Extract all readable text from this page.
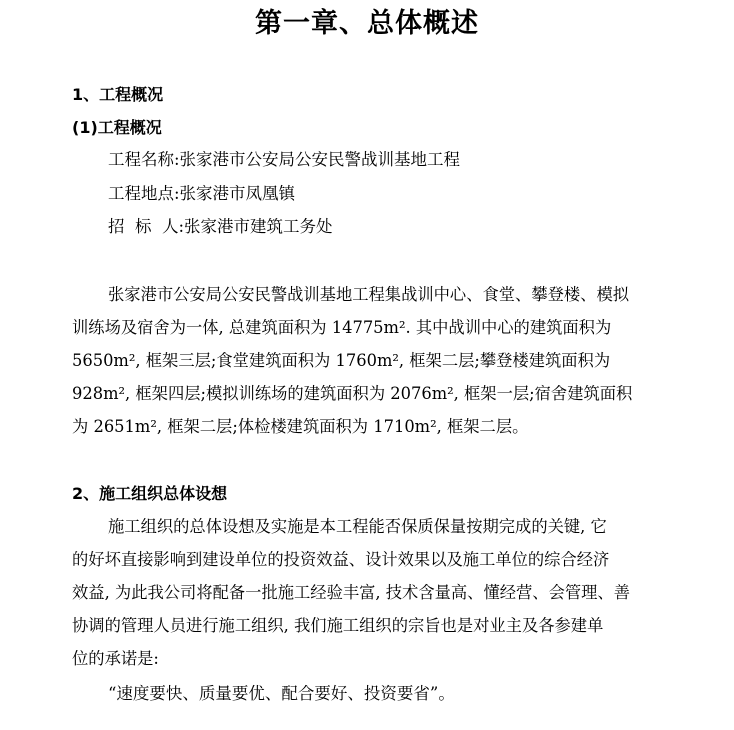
第一章、总体概述
1、工程概况
(1)工程概况
工程名称:张家港市公安局公安民警战训基地工程
工程地点:张家港市凤凰镇
招  标  人:张家港市建筑工务处
张家港市公安局公安民警战训基地工程集战训中心、食堂、攀登楼、模拟
训练场及宿舍为一体, 总建筑面积为 14775m². 其中战训中心的建筑面积为
5650m², 框架三层;食堂建筑面积为 1760m², 框架二层;攀登楼建筑面积为
928m², 框架四层;模拟训练场的建筑面积为 2076m², 框架一层;宿舍建筑面积
为 2651m², 框架二层;体检楼建筑面积为 1710m², 框架二层。
2、施工组织总体设想
施工组织的总体设想及实施是本工程能否保质保量按期完成的关键, 它
的好坏直接影响到建设单位的投资效益、设计效果以及施工单位的综合经济
效益, 为此我公司将配备一批施工经验丰富, 技术含量高、懂经营、会管理、善
协调的管理人员进行施工组织, 我们施工组织的宗旨也是对业主及各参建单
位的承诺是:
“速度要快、质量要优、配合要好、投资要省”。
